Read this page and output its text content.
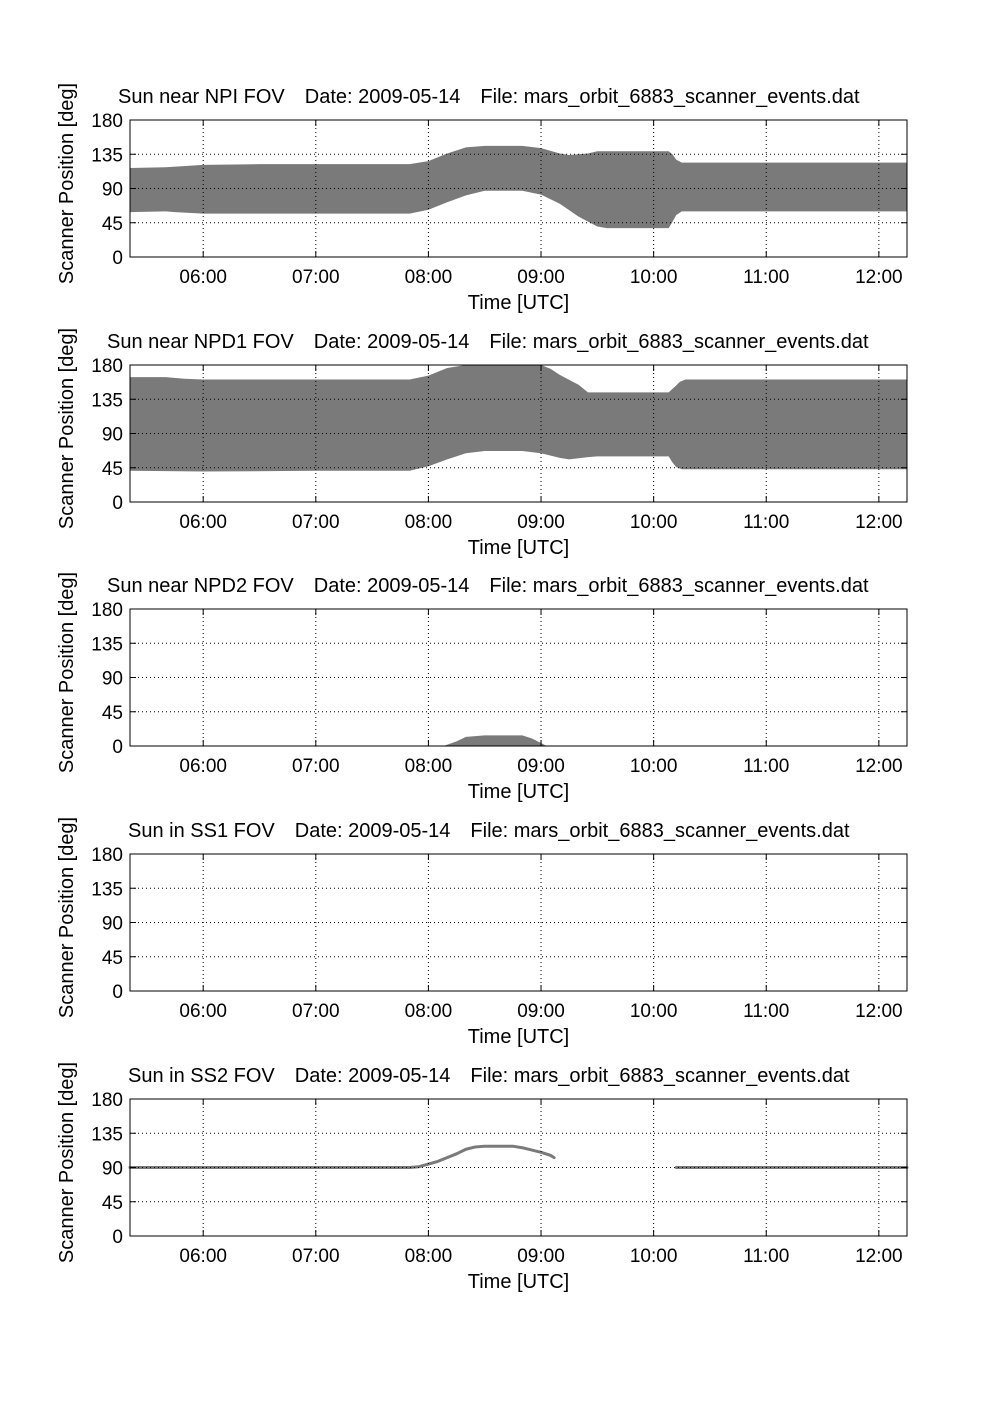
Sun near NPI FOV Date: 2009-05-14 File: mars_orbit_6883_scanner_events.dat
06:00	07:00	08:00	09:00	10:00	11:00	12:00
0
45
90
135
180
Time [UTC]
Scanner Position [deg]
Sun near NPD1 FOV Date: 2009-05-14 File: mars_orbit_6883_scanner_events.dat
06:00	07:00	08:00	09:00	10:00	11:00	12:00
0
45
90
135
180
Time [UTC]
Scanner Position [deg]
Sun near NPD2 FOV Date: 2009-05-14 File: mars_orbit_6883_scanner_events.dat
06:00	07:00	08:00	09:00	10:00	11:00	12:00
0
45
90
135
180
Time [UTC]
Scanner Position [deg]
Sun in SS1 FOV Date: 2009-05-14 File: mars_orbit_6883_scanner_events.dat
06:00	07:00	08:00	09:00	10:00	11:00	12:00
0
45
90
135
180
Time [UTC]
Scanner Position [deg]
Sun in SS2 FOV Date: 2009-05-14 File: mars_orbit_6883_scanner_events.dat
06:00	07:00	08:00	09:00	10:00	11:00	12:00
0
45
90
135
180
Time [UTC]
Scanner Position [deg]
